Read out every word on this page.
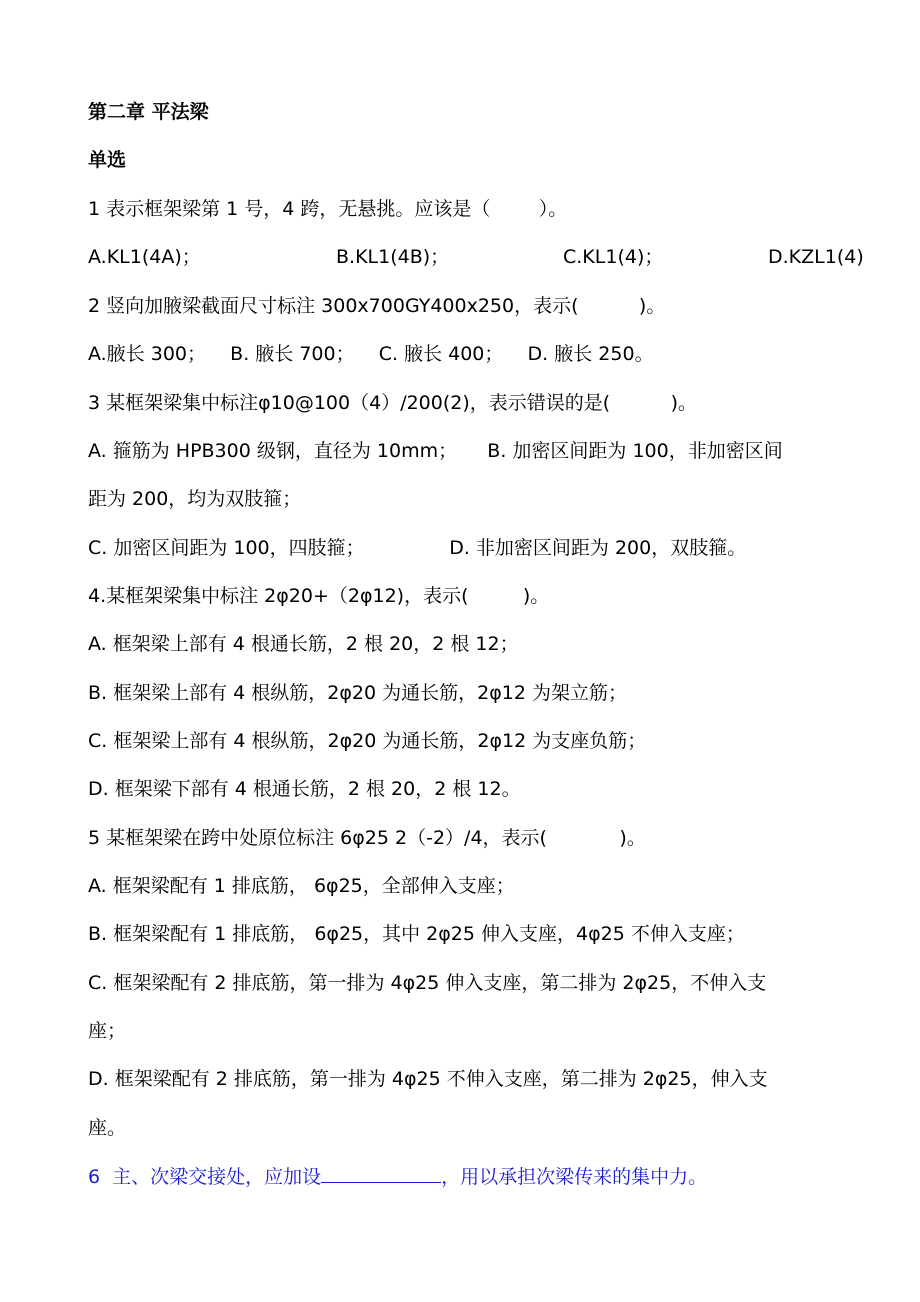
第二章 平法梁
单选
1 表示框架梁第 1 号，4 跨，无悬挑。应该是（        ）。

A.KL1(4A)；

	B.KL1(4B)；

	C.KL1(4)；

	D.KZL1(4)

2 竖向加腋梁截面尺寸标注 300x700GY400x250，表示(          )。
A.腋长 300；    B. 腋长 700；    C. 腋长 400；    D. 腋长 250。
3 某框架梁集中标注φ10@100（4）/200(2)，表示错误的是(          )。
A. 箍筋为 HPB300 级钢，直径为 10mm；     B. 加密区间距为 100，非加密区间
距为 200，均为双肢箍；
C. 加密区间距为 100，四肢箍；              D. 非加密区间距为 200，双肢箍。
4.某框架梁集中标注 2φ20+（2φ12)，表示(         )。
A. 框架梁上部有 4 根通长筋，2 根 20，2 根 12；
B. 框架梁上部有 4 根纵筋，2φ20 为通长筋，2φ12 为架立筋；
C. 框架梁上部有 4 根纵筋，2φ20 为通长筋，2φ12 为支座负筋；
D. 框架梁下部有 4 根通长筋，2 根 20，2 根 12。
5 某框架梁在跨中处原位标注 6φ25 2（-2）/4，表示(            )。
A. 框架梁配有 1 排底筋， 6φ25，全部伸入支座；
B. 框架梁配有 1 排底筋， 6φ25，其中 2φ25 伸入支座，4φ25 不伸入支座；
C. 框架梁配有 2 排底筋，第一排为 4φ25 伸入支座，第二排为 2φ25，不伸入支
座；
D. 框架梁配有 2 排底筋，第一排为 4φ25 不伸入支座，第二排为 2φ25，伸入支
座。
6  主、次梁交接处，应加设	，用以承担次梁传来的集中力。
